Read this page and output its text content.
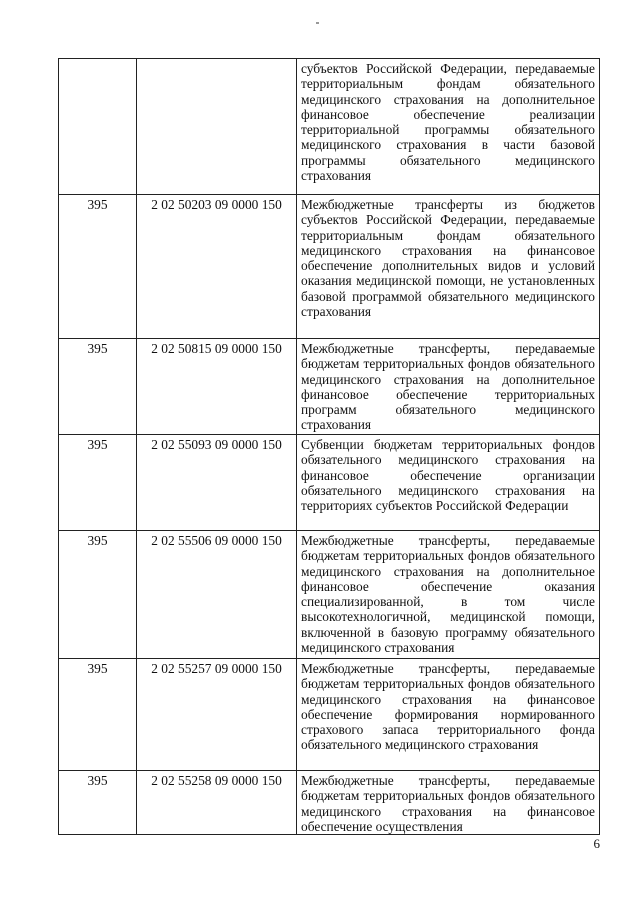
		субъектов Российской Федерации, передаваемые территориальным фондам обязательного медицинского страхования на дополнительное финансовое обеспечение реализации территориальной программы обязательного медицинского страхования в части базовой программы обязательного медицинского страхования
395	2 02 50203 09 0000 150	Межбюджетные трансферты из бюджетов субъектов Российской Федерации, передаваемые территориальным фондам обязательного медицинского страхования на финансовое обеспечение дополнительных видов и условий оказания медицинской помощи, не установленных базовой программой обязательного медицинского страхования
395	2 02 50815 09 0000 150	Межбюджетные трансферты, передаваемые бюджетам территориальных фондов обязательного медицинского страхования на дополнительное финансовое обеспечение территориальных программ обязательного медицинского страхования
395	2 02 55093 09 0000 150	Субвенции бюджетам территориальных фондов обязательного медицинского страхования на финансовое обеспечение организации обязательного медицинского страхования на территориях субъектов Российской Федерации
395	2 02 55506 09 0000 150	Межбюджетные трансферты, передаваемые бюджетам территориальных фондов обязательного медицинского страхования на дополнительное финансовое обеспечение оказания специализированной, в том числе высокотехнологичной, медицинской помощи, включенной в базовую программу обязательного медицинского страхования
395	2 02 55257 09 0000 150	Межбюджетные трансферты, передаваемые бюджетам территориальных фондов обязательного медицинского страхования на финансовое обеспечение формирования нормированного страхового запаса территориального фонда обязательного медицинского страхования
395	2 02 55258 09 0000 150	Межбюджетные трансферты, передаваемые бюджетам территориальных фондов обязательного медицинского страхования на финансовое обеспечение осуществления
6
